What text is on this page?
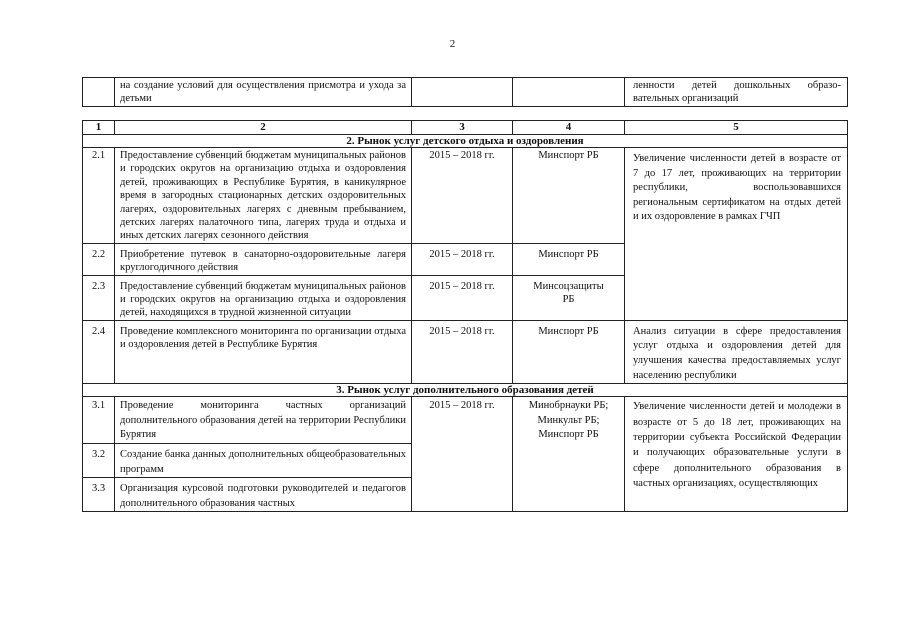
2
	на создание условий для осуществления присмотра и ухода за детьми			ленности детей дошкольных образо-вательных организаций
1	2	3	4	5
2. Рынок услуг детского отдыха и оздоровления				
2.1	Предоставление субвенций бюджетам муниципальных районов и городских округов на организацию отдыха и оздоровления детей, проживающих в Республике Бурятия, в каникулярное время в загородных стационарных детских оздоровительных лагерях, оздоровительных лагерях с дневным пребыванием, детских лагерях палаточного типа, лагерях труда и отдыха и иных детских лагерях сезонного действия	2015 – 2018 гг.	Минспорт РБ	Увеличение численности детей в возрасте от 7 до 17 лет, проживающих на территории республики, воспользовавшихся региональным сертификатом на отдых детей и их оздоровление в рамках ГЧП
2.2	Приобретение путевок в санаторно-оздоровительные лагеря круглогодичного действия	2015 – 2018 гг.	Минспорт РБ	
2.3	Предоставление субвенций бюджетам муниципальных районов и городских округов на организацию отдыха и оздоровления детей, находящихся в трудной жизненной ситуации	2015 – 2018 гг.	Минсоцзащиты РБ	
2.4	Проведение комплексного мониторинга по организации отдыха и оздоровления детей в Республике Бурятия	2015 – 2018 гг.	Минспорт РБ	Анализ ситуации в сфере предоставления услуг отдыха и оздоровления детей для улучшения качества предоставляемых услуг населению республики
3. Рынок услуг дополнительного образования детей				
3.1	Проведение мониторинга частных организаций дополнительного образования детей на территории Республики Бурятия	2015 – 2018 гг.	Минобрнауки РБ; Минкульт РБ; Минспорт РБ	Увеличение численности детей и молодежи в возрасте от 5 до 18 лет, проживающих на территории субъекта Российской Федерации и получающих образовательные услуги в сфере дополнительного образования в частных организациях, осуществляющих
3.2	Создание банка данных дополнительных общеобразовательных программ			
3.3	Организация курсовой подготовки руководителей и педагогов дополнительного образования частных			
